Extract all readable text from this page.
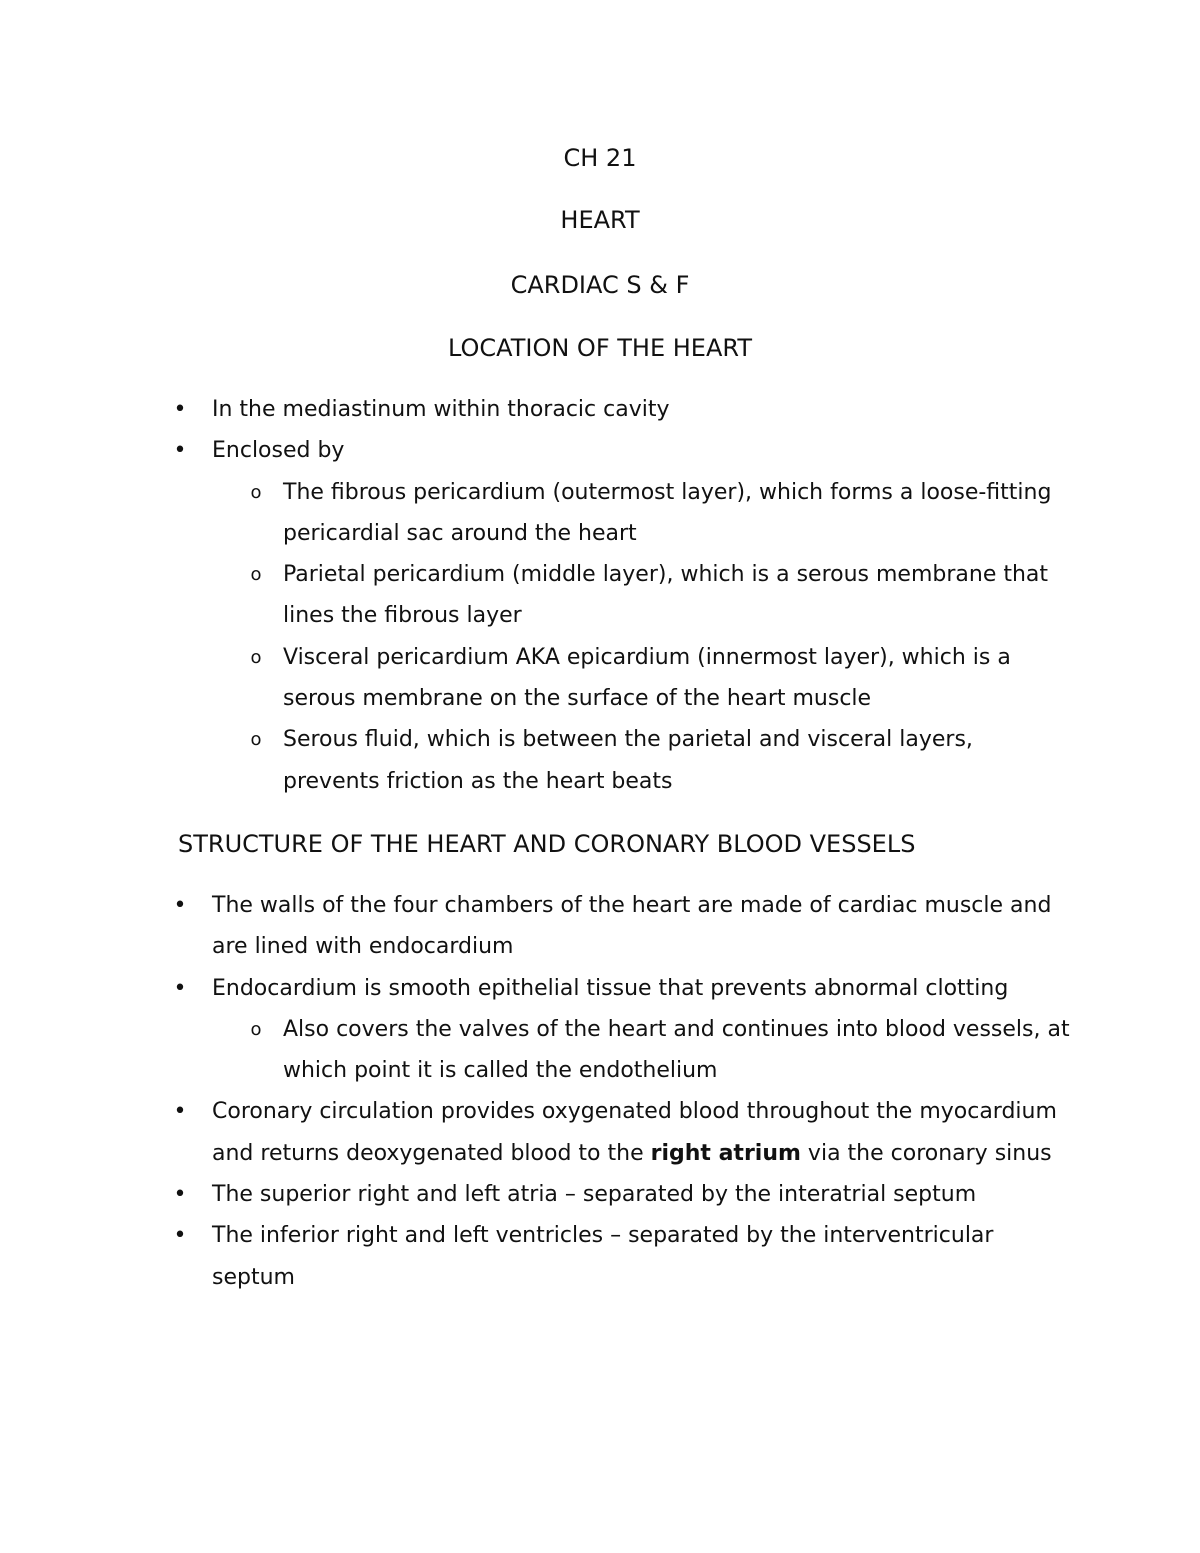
CH 21
HEART
CARDIAC S & F
LOCATION OF THE HEART
• In the mediastinum within thoracic cavity
• Enclosed by
o The fibrous pericardium (outermost layer), which forms a loose-fitting pericardial sac around the heart
o Parietal pericardium (middle layer), which is a serous membrane that lines the fibrous layer
o Visceral pericardium AKA epicardium (innermost layer), which is a serous membrane on the surface of the heart muscle
o Serous fluid, which is between the parietal and visceral layers, prevents friction as the heart beats
STRUCTURE OF THE HEART AND CORONARY BLOOD VESSELS
• The walls of the four chambers of the heart are made of cardiac muscle and are lined with endocardium
• Endocardium is smooth epithelial tissue that prevents abnormal clotting
o Also covers the valves of the heart and continues into blood vessels, at which point it is called the endothelium
• Coronary circulation provides oxygenated blood throughout the myocardium and returns deoxygenated blood to the right atrium via the coronary sinus
• The superior right and left atria – separated by the interatrial septum
• The inferior right and left ventricles – separated by the interventricular septum
